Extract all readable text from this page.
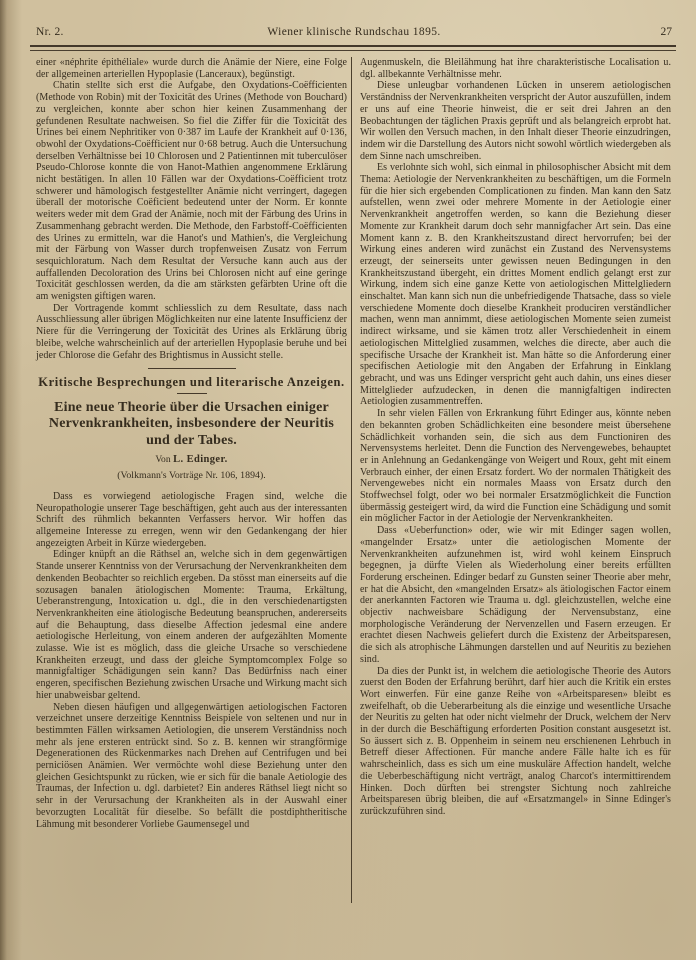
Nr. 2.	Wiener klinische Rundschau 1895.	27

einer «néphrite épithéliale» wurde durch die Anämie der Niere, eine Folge der allgemeinen arteriellen Hypoplasie (Lanceraux), begünstigt.

Chatin stellte sich erst die Aufgabe, den Oxydations-Coëfficienten (Methode von Robin) mit der Toxicität des Urines (Methode von Bouchard) zu vergleichen, konnte aber schon hier keinen Zusammenhang der gefundenen Resultate nachweisen. So fiel die Ziffer für die Toxicität des Urines bei einem Nephritiker von 0·387 im Laufe der Krankheit auf 0·136, obwohl der Oxydations-Coëfficient nur 0·68 betrug. Auch die Untersuchung derselben Verhältnisse bei 10 Chlorosen und 2 Patientinnen mit tuberculöser Pseudo-Chlorose konnte die von Hanot-Mathien angenommene Erklärung nicht bestätigen. In allen 10 Fällen war der Oxydations-Coëfficient trotz schwerer und hämologisch festgestellter Anämie nicht verringert, dagegen überall der motorische Coëficient bedeutend unter der Norm. Er konnte weiters weder mit dem Grad der Anämie, noch mit der Färbung des Urins in Zusammenhang gebracht werden. Die Methode, den Farbstoff-Coëfficienten des Urines zu ermitteln, war die Hanot's und Mathien's, die Vergleichung mit der Färbung von Wasser durch tropfenweisen Zusatz von Ferrum sesquichloratum. Nach dem Resultat der Versuche kann auch aus der auffallenden Decoloration des Urins bei Chlorosen nicht auf eine geringe Toxicität geschlossen werden, da die am stärksten gefärbten Urine oft die am wenigsten giftigen waren.

Der Vortragende kommt schliesslich zu dem Resultate, dass nach Ausschliessung aller übrigen Möglichkeiten nur eine latente Insufficienz der Niere für die Verringerung der Toxicität des Urines als Erklärung übrig bleibe, welche wahrscheinlich auf der arteriellen Hypoplasie beruhe und bei jeder Chlorose die Gefahr des Brightismus in Aussicht stelle.

Kritische Besprechungen und literarische Anzeigen.
Eine neue Theorie über die Ursachen einiger Nervenkrankheiten, insbesondere der Neuritis und der Tabes.
Von L. Edinger.
(Volkmann's Vorträge Nr. 106, 1894).

Dass es vorwiegend aetiologische Fragen sind, welche die Neuropathologie unserer Tage beschäftigen, geht auch aus der interessanten Schrift des rühmlich bekannten Verfassers hervor. Wir hoffen das allgemeine Interesse zu erregen, wenn wir den Gedankengang der hier angezeigten Arbeit in Kürze wiedergeben.

Edinger knüpft an die Räthsel an, welche sich in dem gegenwärtigen Stande unserer Kenntniss von der Verursachung der Nervenkrankheiten dem denkenden Beobachter so reichlich ergeben. Da stösst man einerseits auf die sozusagen banalen ätiologischen Momente: Trauma, Erkältung, Ueberanstrengung, Intoxication u. dgl., die in den verschiedenartigsten Nervenkrankheiten eine ätiologische Bedeutung beanspruchen, andererseits auf die Behauptung, dass dieselbe Affection jedesmal eine andere aetiologische Herleitung, von einem anderen der aufgezählten Momente zulasse. Wie ist es möglich, dass die gleiche Ursache so verschiedene Krankheiten erzeugt, und dass der gleiche Symptomcomplex Folge so mannigfaltiger Schädigungen sein kann? Das Bedürfniss nach einer engeren, specifischen Beziehung zwischen Ursache und Wirkung macht sich hier unabweisbar geltend.

Neben diesen häufigen und allgegenwärtigen aetiologischen Factoren verzeichnet unsere derzeitige Kenntniss Beispiele von seltenen und nur in bestimmten Fällen wirksamen Aetiologien, die unserem Verständniss noch mehr als jene ersteren entrückt sind. So z. B. kennen wir strangförmige Degenerationen des Rückenmarkes nach Drehen auf Centrifugen und bei perniciösen Anämien. Wer vermöchte wohl diese Beziehung unter den gleichen Gesichtspunkt zu rücken, wie er sich für die banale Aetiologie des Traumas, der Infection u. dgl. darbietet? Ein anderes Räthsel liegt nicht so sehr in der Verursachung der Krankheiten als in der Auswahl einer bevorzugten Localität für dieselbe. So befällt die postdiphtheritische Lähmung mit besonderer Vorliebe Gaumensegel und

Augenmuskeln, die Bleilähmung hat ihre charakteristische Localisation u. dgl. allbekannte Verhältnisse mehr.

Diese unleugbar vorhandenen Lücken in unserem aetiologischen Verständniss der Nervenkrankheiten verspricht der Autor auszufüllen, indem er uns auf eine Theorie hinweist, die er seit drei Jahren an den Beobachtungen der täglichen Praxis geprüft und als belangreich erprobt hat. Wir wollen den Versuch machen, in den Inhalt dieser Theorie einzudringen, indem wir die Darstellung des Autors nicht sowohl wörtlich wiedergeben als dem Sinne nach umschreiben.

Es verlohnte sich wohl, sich einmal in philosophischer Absicht mit dem Thema: Aetiologie der Nervenkrankheiten zu beschäftigen, um die Formeln für die hier sich ergebenden Complicationen zu finden. Man kann den Satz aufstellen, wenn zwei oder mehrere Momente in der Aetiologie einer Nervenkrankheit angetroffen werden, so kann die Beziehung dieser Momente zur Krankheit darum doch sehr mannigfacher Art sein. Das eine Moment kann z. B. den Krankheitszustand direct hervorrufen; bei der Wirkung eines anderen wird zunächst ein Zustand des Nervensystems erzeugt, der seinerseits unter gewissen neuen Bedingungen in den Krankheitszustand übergeht, ein drittes Moment endlich gelangt erst zur Wirkung, indem sich eine ganze Kette von aetiologischen Mittelgliedern einschaltet. Man kann sich nun die unbefriedigende Thatsache, dass so viele verschiedene Momente doch dieselbe Krankheit produciren verständlicher machen, wenn man annimmt, diese aetiologischen Momente seien zumeist indirect wirksame, und sie kämen trotz aller Verschiedenheit in einem aetiologischen Mittelglied zusammen, welches die directe, aber auch die specifische Ursache der Krankheit ist. Man hätte so die Anforderung einer specifischen Aetiologie mit den Angaben der Erfahrung in Einklang gebracht, und was uns Edinger verspricht geht auch dahin, uns eines dieser Mittelglieder aufzudecken, in denen die mannigfaltigen indirecten Aetiologien zusammentreffen.

In sehr vielen Fällen von Erkrankung führt Edinger aus, könnte neben den bekannten groben Schädlichkeiten eine besondere meist übersehene Schädlichkeit vorhanden sein, die sich aus dem Functioniren des Nervensystems herleitet. Denn die Function des Nervengewebes, behauptet er in Anlehnung an Gedankengänge von Weigert und Roux, geht mit einem Verbrauch einher, der einen Ersatz fordert. Wo der normalen Thätigkeit des Nervengewebes nicht ein normales Maass von Ersatz durch den Stoffwechsel folgt, oder wo bei normaler Ersatzmöglichkeit die Function übermässig gesteigert wird, da wird die Function eine Schädigung und somit ein möglicher Factor in der Aetiologie der Nervenkrankheiten.

Dass «Ueberfunction» oder, wie wir mit Edinger sagen wollen, «mangelnder Ersatz» unter die aetiologischen Momente der Nervenkrankheiten aufzunehmen ist, wird wohl keinem Einspruch begegnen, ja dürfte Vielen als Wiederholung einer bereits erfüllten Forderung erscheinen. Edinger bedarf zu Gunsten seiner Theorie aber mehr, er hat die Absicht, den «mangelnden Ersatz» als ätiologischen Factor einem der anerkannten Factoren wie Trauma u. dgl. gleichzustellen, welche eine objectiv nachweisbare Schädigung der Nervensubstanz, eine morphologische Veränderung der Nervenzellen und Fasern erzeugen. Er erachtet diesen Nachweis geliefert durch die Existenz der Arbeitsparesen, die sich als atrophische Lähmungen darstellen und auf Neuritis zu beziehen sind.

Da dies der Punkt ist, in welchem die aetiologische Theorie des Autors zuerst den Boden der Erfahrung berührt, darf hier auch die Kritik ein erstes Wort einwerfen. Für eine ganze Reihe von «Arbeitsparesen» bleibt es zweifelhaft, ob die Ueberarbeitung als die einzige und wesentliche Ursache der Neuritis zu gelten hat oder nicht vielmehr der Druck, welchem der Nerv in der durch die Beschäftigung erforderten Position constant ausgesetzt ist. So äussert sich z. B. Oppenheim in seinem neu erschienenen Lehrbuch in Betreff dieser Affectionen. Für manche andere Fälle halte ich es für wahrscheinlich, dass es sich um eine muskuläre Affection handelt, welche die Ueberbeschäftigung nicht verträgt, analog Charcot's intermittirendem Hinken. Doch dürften bei strengster Sichtung noch zahlreiche Arbeitsparesen übrig bleiben, die auf «Ersatzmangel» in Sinne Edinger's zurückzuführen sind.
